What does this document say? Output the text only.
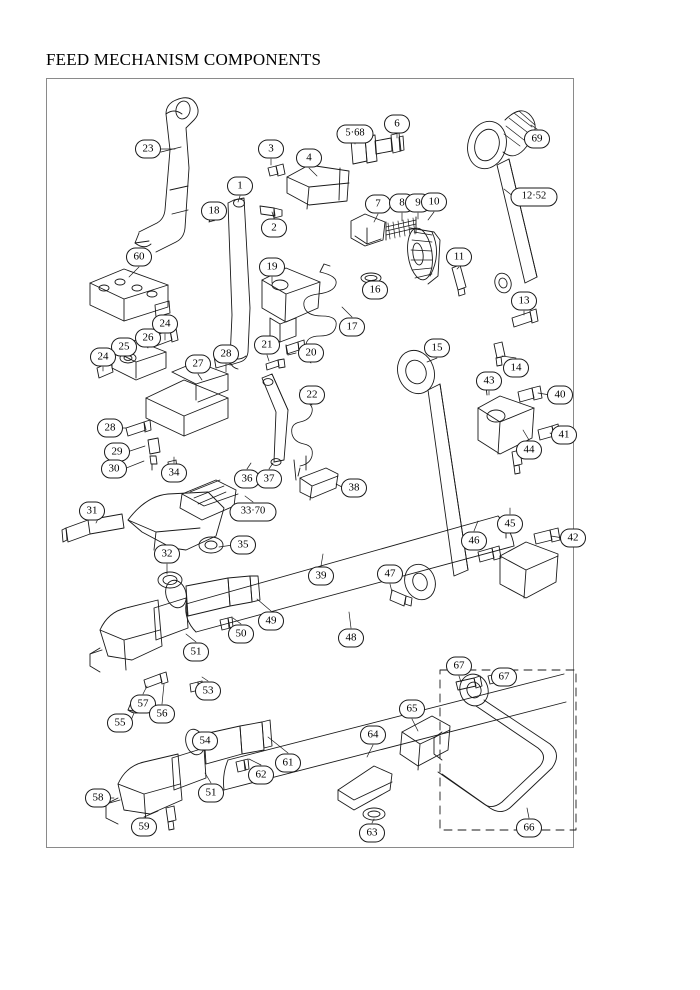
FEED MECHANISM COMPONENTS
23
5·68
6
3
4
69
12·52
1
18
2
7	8 9 10
11
16
13
14
60
19
17
26
24
25
24
27
28
21
20
22
15
43
40
44
41
28
29
30	34	36	37
38
31	33·70
35
45
46	42
32
39	47
49
50
51
48
67
67
53
57
56
55
65
54
61
62
64
66
58	51
59	63
